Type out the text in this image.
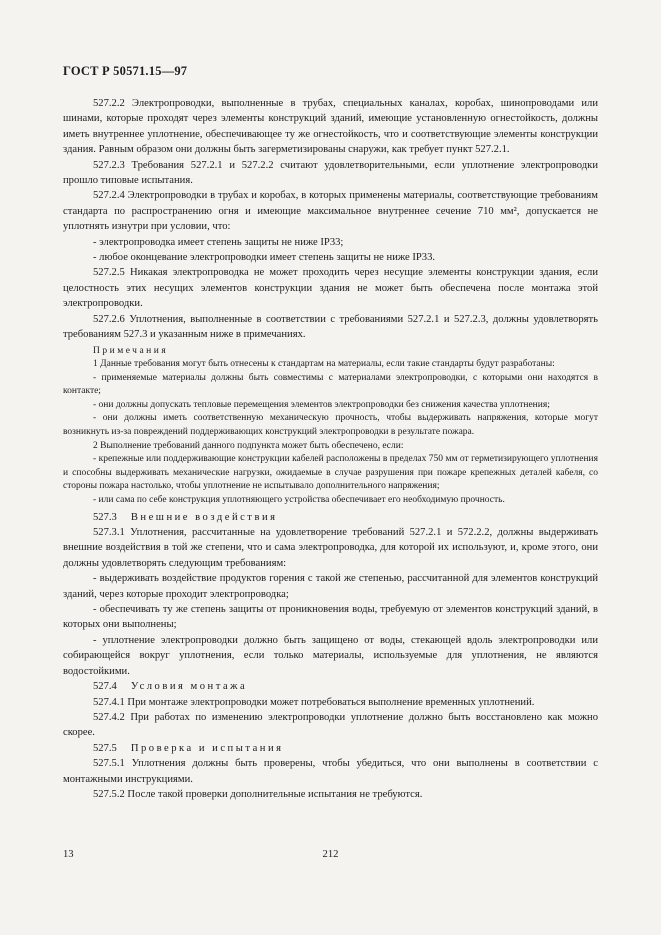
ГОСТ Р 50571.15—97

527.2.2 Электропроводки, выполненные в трубах, специальных каналах, коробах, шинопроводами или шинами, которые проходят через элементы конструкций зданий, имеющие установленную огнестойкость, должны иметь внутреннее уплотнение, обеспечивающее ту же огнестойкость, что и соответствующие элементы конструкции здания. Равным образом они должны быть загерметизированы снаружи, как требует пункт 527.2.1.

527.2.3 Требования 527.2.1 и 527.2.2 считают удовлетворительными, если уплотнение электропроводки прошло типовые испытания.

527.2.4 Электропроводки в трубах и коробах, в которых применены материалы, соответствующие требованиям стандарта по распространению огня и имеющие максимальное внутреннее сечение 710 мм², допускается не уплотнять изнутри при условии, что:

- электропроводка имеет степень защиты не ниже IP33;

- любое оконцевание электропроводки имеет степень защиты не ниже IP33.

527.2.5 Никакая электропроводка не может проходить через несущие элементы конструкции здания, если целостность этих несущих элементов конструкции здания не может быть обеспечена после монтажа этой электропроводки.

527.2.6 Уплотнения, выполненные в соответствии с требованиями 527.2.1 и 527.2.3, должны удовлетворять требованиям 527.3 и указанным ниже в примечаниях.

Примечания

1 Данные требования могут быть отнесены к стандартам на материалы, если такие стандарты будут разработаны:

- применяемые материалы должны быть совместимы с материалами электропроводки, с которыми они находятся в контакте;

- они должны допускать тепловые перемещения элементов электропроводки без снижения качества уплотнения;

- они должны иметь соответственную механическую прочность, чтобы выдерживать напряжения, которые могут возникнуть из-за повреждений поддерживающих конструкций электропроводки в результате пожара.

2 Выполнение требований данного подпункта может быть обеспечено, если:

- крепежные или поддерживающие конструкции кабелей расположены в пределах 750 мм от герметизирующего уплотнения и способны выдерживать механические нагрузки, ожидаемые в случае разрушения при пожаре крепежных деталей кабеля, со стороны пожара настолько, чтобы уплотнение не испытывало дополнительного напряжения;

- или сама по себе конструкция уплотняющего устройства обеспечивает его необходимую прочность.

527.3 Внешние воздействия

527.3.1 Уплотнения, рассчитанные на удовлетворение требований 527.2.1 и 572.2.2, должны выдерживать внешние воздействия в той же степени, что и сама электропроводка, для которой их используют, и, кроме этого, они должны удовлетворять следующим требованиям:

- выдерживать воздействие продуктов горения с такой же степенью, рассчитанной для элементов конструкций зданий, через которые проходит электропроводка;

- обеспечивать ту же степень защиты от проникновения воды, требуемую от элементов конструкций зданий, в которых они выполнены;

- уплотнение электропроводки должно быть защищено от воды, стекающей вдоль электропроводки или собирающейся вокруг уплотнения, если только материалы, используемые для уплотнения, не являются водостойкими.

527.4 Условия монтажа

527.4.1 При монтаже электропроводки может потребоваться выполнение временных уплотнений.

527.4.2 При работах по изменению электропроводки уплотнение должно быть восстановлено как можно скорее.

527.5 Проверка и испытания

527.5.1 Уплотнения должны быть проверены, чтобы убедиться, что они выполнены в соответствии с монтажными инструкциями.

527.5.2 После такой проверки дополнительные испытания не требуются.

13	212
